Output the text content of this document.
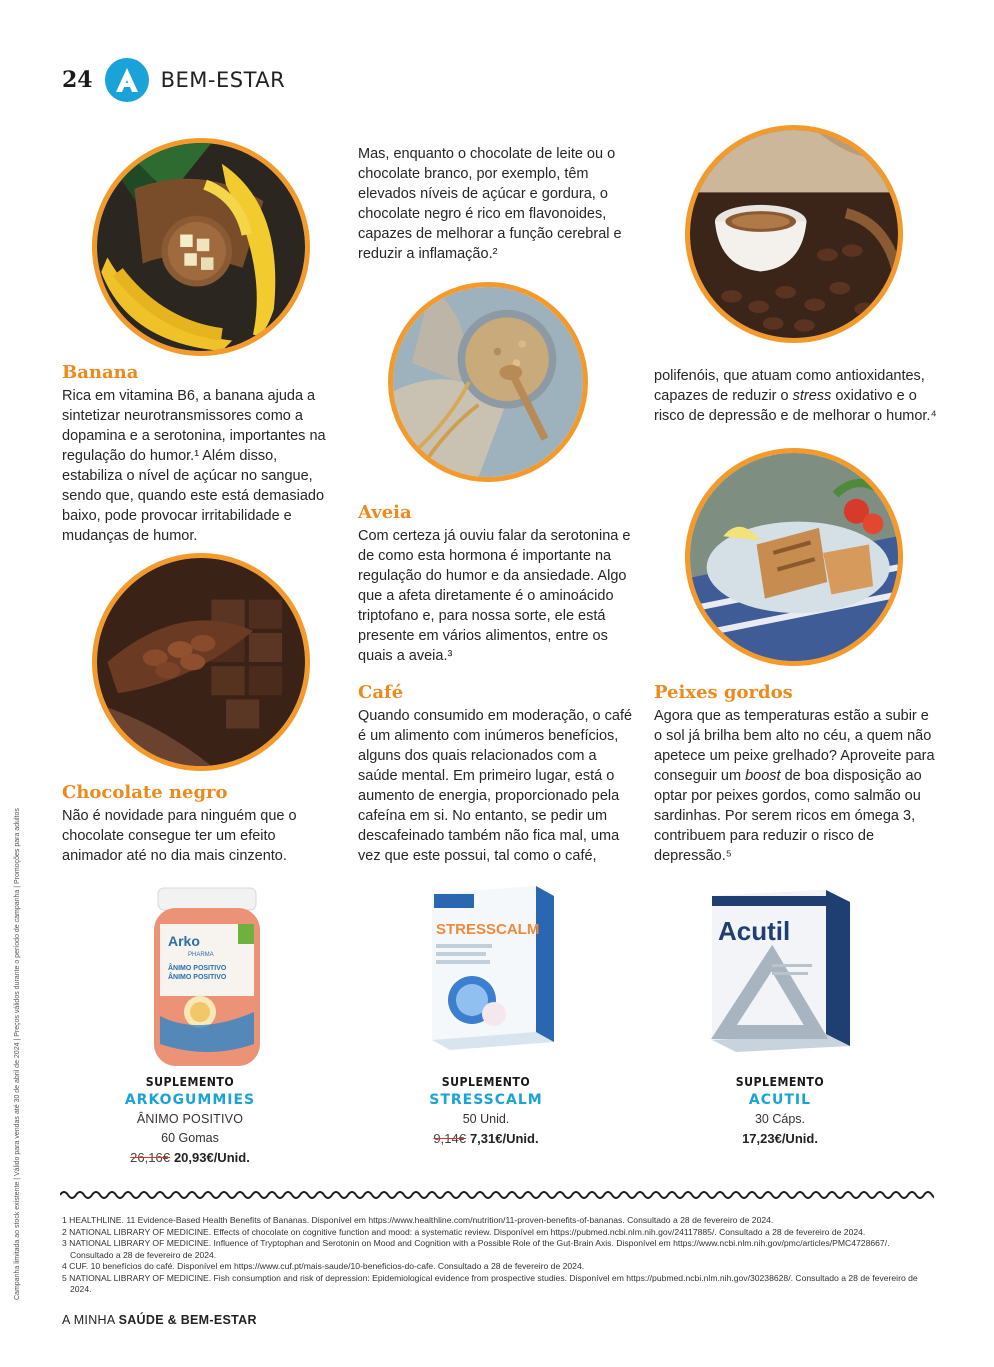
24	BEM-ESTAR
Campanha limitada ao stock existente | Válido para vendas até 30 de abril de 2024 | Preços válidos durante o período de campanha | Promoções para adultos
Banana

Rica em vitamina B6, a banana ajuda a sintetizar neurotransmissores como a dopamina e a serotonina, importantes na regulação do humor.¹ Além disso, estabiliza o nível de açúcar no sangue, sendo que, quando este está demasiado baixo, pode provocar irritabilidade e mudanças de humor.

Chocolate negro

Não é novidade para ninguém que o chocolate consegue ter um efeito animador até no dia mais cinzento.

Mas, enquanto o chocolate de leite ou o chocolate branco, por exemplo, têm elevados níveis de açúcar e gordura, o chocolate negro é rico em flavonoides, capazes de melhorar a função cerebral e reduzir a inflamação.²

Aveia

Com certeza já ouviu falar da serotonina e de como esta hormona é importante na regulação do humor e da ansiedade. Algo que a afeta diretamente é o aminoácido triptofano e, para nossa sorte, ele está presente em vários alimentos, entre os quais a aveia.³

Café

Quando consumido em moderação, o café é um alimento com inúmeros benefícios, alguns dos quais relacionados com a saúde mental. Em primeiro lugar, está o aumento de energia, proporcionado pela cafeína em si. No entanto, se pedir um descafeinado também não fica mal, uma vez que este possui, tal como o café,

polifenóis, que atuam como antioxidantes, capazes de reduzir o stress oxidativo e o risco de depressão e de melhorar o humor.⁴

Peixes gordos

Agora que as temperaturas estão a subir e o sol já brilha bem alto no céu, a quem não apetece um peixe grelhado? Aproveite para conseguir um boost de boa disposição ao optar por peixes gordos, como salmão ou sardinhas. Por serem ricos em ómega 3, contribuem para reduzir o risco de depressão.⁵

Arko
PHARMA
ÂNIMO POSITIVO
ÂNIMO POSITIVO
STRESSCALM	Acutil
SUPLEMENTO
ARKOGUMMIES
ÂNIMO POSITIVO
60 Gomas
26,16€ 20,93€/Unid.
SUPLEMENTO
STRESSCALM
50 Unid.
9,14€ 7,31€/Unid.
SUPLEMENTO
ACUTIL
30 Cáps.
17,23€/Unid.
1 HEALTHLINE. 11 Evidence-Based Health Benefits of Bananas. Disponível em https://www.healthline.com/nutrition/11-proven-benefits-of-bananas. Consultado a 28 de fevereiro de 2024.
2 NATIONAL LIBRARY OF MEDICINE. Effects of chocolate on cognitive function and mood: a systematic review. Disponível em https://pubmed.ncbi.nlm.nih.gov/24117885/. Consultado a 28 de fevereiro de 2024.
3 NATIONAL LIBRARY OF MEDICINE. Influence of Tryptophan and Serotonin on Mood and Cognition with a Possible Role of the Gut-Brain Axis. Disponível em https://www.ncbi.nlm.nih.gov/pmc/articles/PMC4728667/. Consultado a 28 de fevereiro de 2024.
4 CUF. 10 benefícios do café. Disponível em https://www.cuf.pt/mais-saude/10-beneficios-do-cafe. Consultado a 28 de fevereiro de 2024.
5 NATIONAL LIBRARY OF MEDICINE. Fish consumption and risk of depression: Epidemiological evidence from prospective studies. Disponível em https://pubmed.ncbi.nlm.nih.gov/30238628/. Consultado a 28 de fevereiro de 2024.
A MINHA SAÚDE & BEM-ESTAR
